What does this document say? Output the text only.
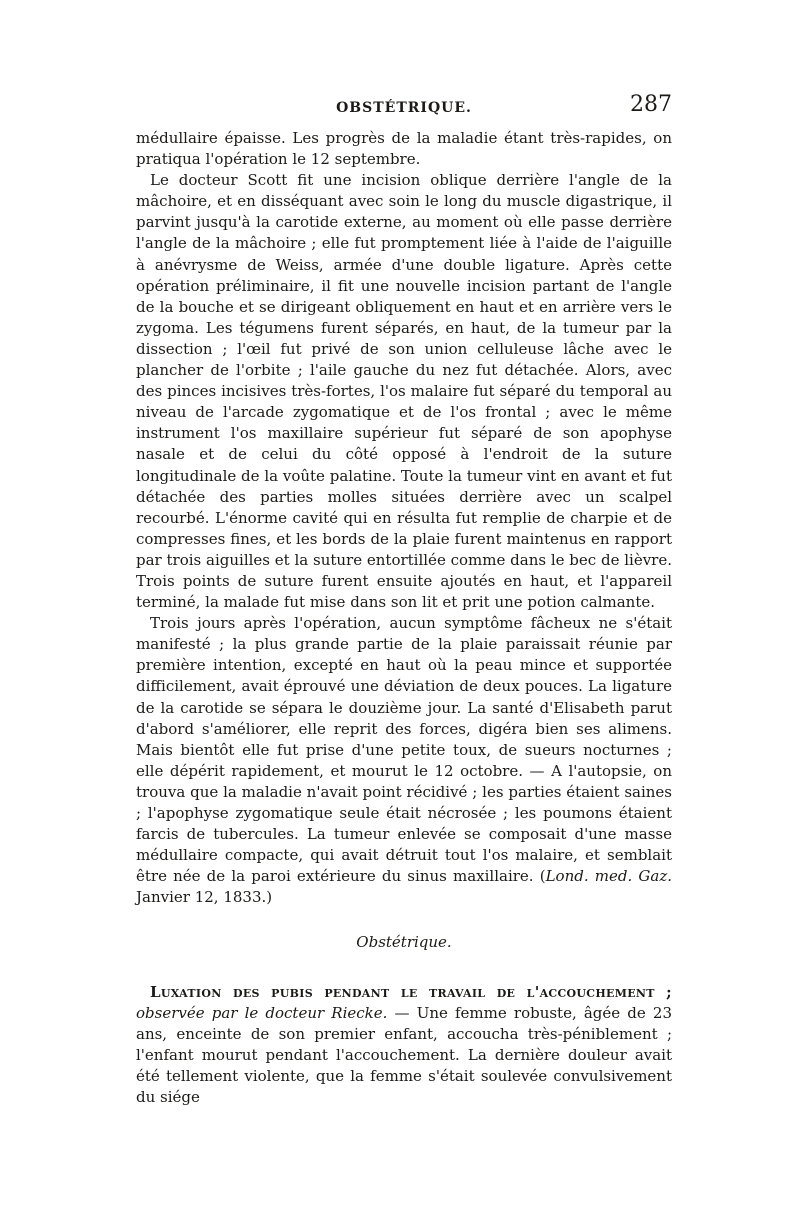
OBSTÉTRIQUE.	287

médullaire épaisse. Les progrès de la maladie étant très-rapides, on pratiqua l'opération le 12 septembre.

Le docteur Scott fit une incision oblique derrière l'angle de la mâchoire, et en disséquant avec soin le long du muscle digastrique, il parvint jusqu'à la carotide externe, au moment où elle passe derrière l'angle de la mâchoire ; elle fut promptement liée à l'aide de l'aiguille à anévrysme de Weiss, armée d'une double ligature. Après cette opération préliminaire, il fit une nouvelle incision partant de l'angle de la bouche et se dirigeant obliquement en haut et en arrière vers le zygoma. Les tégumens furent séparés, en haut, de la tumeur par la dissection ; l'œil fut privé de son union celluleuse lâche avec le plancher de l'orbite ; l'aile gauche du nez fut détachée. Alors, avec des pinces incisives très-fortes, l'os malaire fut séparé du temporal au niveau de l'arcade zygomatique et de l'os frontal ; avec le même instrument l'os maxillaire supérieur fut séparé de son apophyse nasale et de celui du côté opposé à l'endroit de la suture longitudinale de la voûte palatine. Toute la tumeur vint en avant et fut détachée des parties molles situées derrière avec un scalpel recourbé. L'énorme cavité qui en résulta fut remplie de charpie et de compresses fines, et les bords de la plaie furent maintenus en rapport par trois aiguilles et la suture entortillée comme dans le bec de lièvre. Trois points de suture furent ensuite ajoutés en haut, et l'appareil terminé, la malade fut mise dans son lit et prit une potion calmante.

Trois jours après l'opération, aucun symptôme fâcheux ne s'était manifesté ; la plus grande partie de la plaie paraissait réunie par première intention, excepté en haut où la peau mince et supportée difficilement, avait éprouvé une déviation de deux pouces. La ligature de la carotide se sépara le douzième jour. La santé d'Elisabeth parut d'abord s'améliorer, elle reprit des forces, digéra bien ses alimens. Mais bientôt elle fut prise d'une petite toux, de sueurs nocturnes ; elle dépérit rapidement, et mourut le 12 octobre. — A l'autopsie, on trouva que la maladie n'avait point récidivé ; les parties étaient saines ; l'apophyse zygomatique seule était nécrosée ; les poumons étaient farcis de tubercules. La tumeur enlevée se composait d'une masse médullaire compacte, qui avait détruit tout l'os malaire, et semblait être née de la paroi extérieure du sinus maxillaire. (Lond. med. Gaz. Janvier 12, 1833.)

Obstétrique.

Luxation des pubis pendant le travail de l'accouchement ; observée par le docteur Riecke. — Une femme robuste, âgée de 23 ans, enceinte de son premier enfant, accoucha très-péniblement ; l'enfant mourut pendant l'accouchement. La dernière douleur avait été tellement violente, que la femme s'était soulevée convulsivement du siége
